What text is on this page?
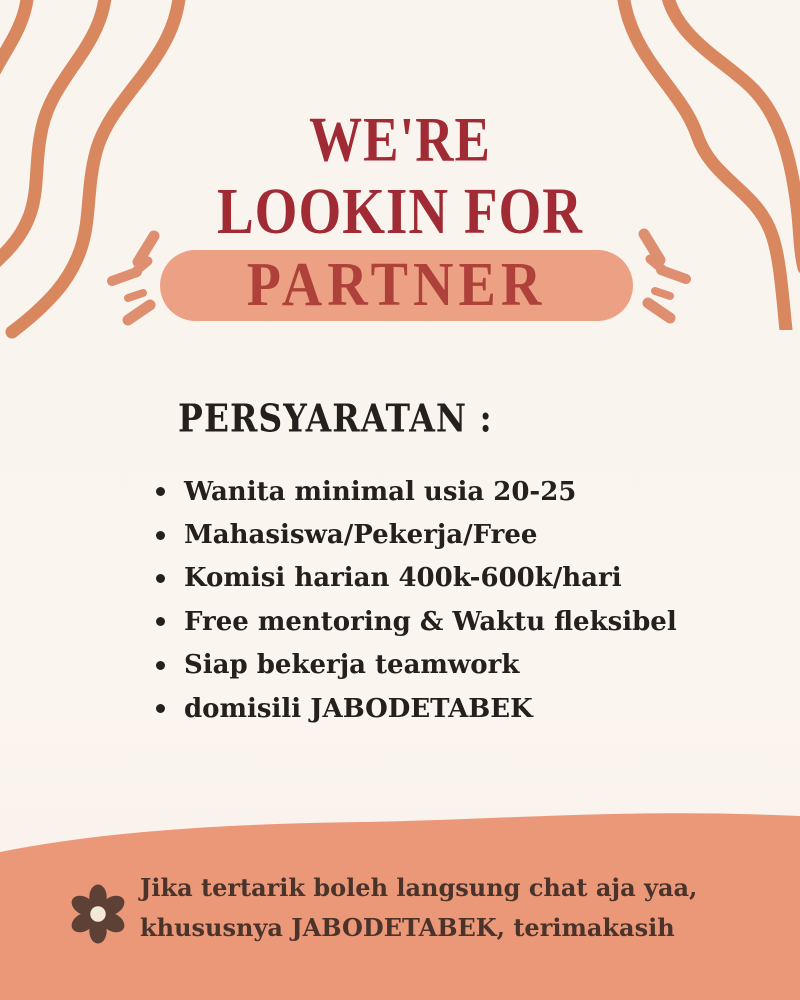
WE'RE
LOOKIN FOR
PARTNER
PERSYARATAN :
Wanita minimal usia 20-25
Mahasiswa/Pekerja/Free
Komisi harian 400k-600k/hari
Free mentoring & Waktu fleksibel
Siap bekerja teamwork
domisili JABODETABEK
Jika tertarik boleh langsung chat aja yaa,
khususnya JABODETABEK, terimakasih
